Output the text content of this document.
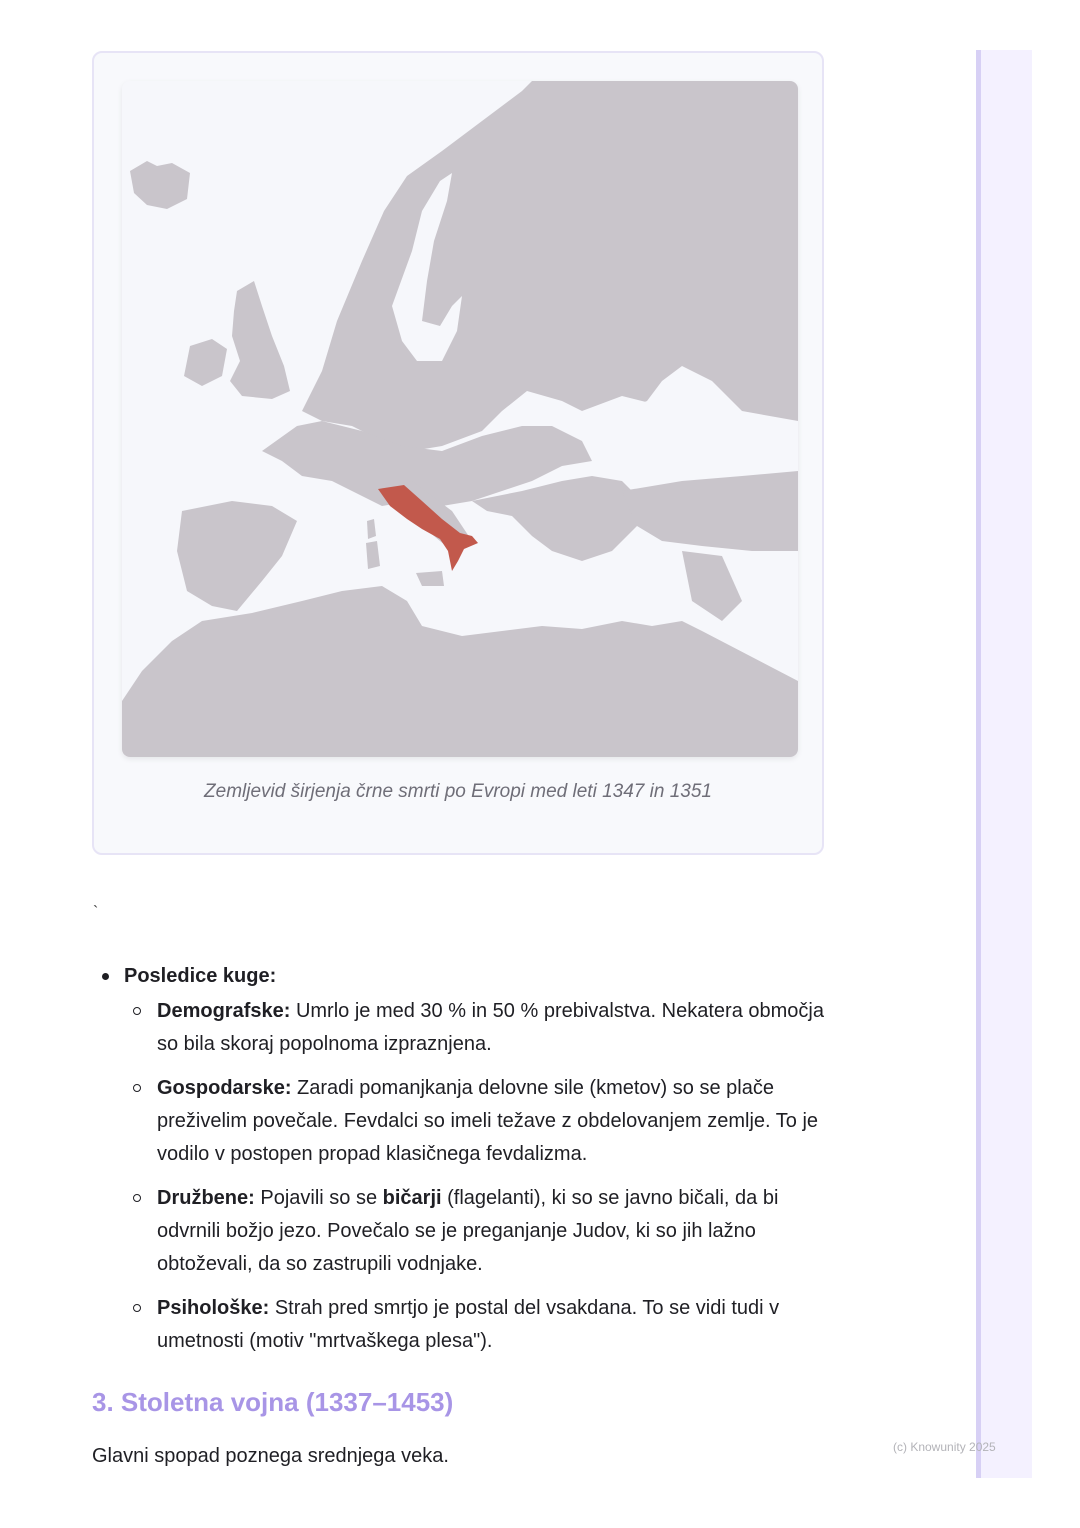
Zemljevid širjenja črne smrti po Evropi med leti 1347 in 1351
`
Posledice kuge:
Demografske: Umrlo je med 30 % in 50 % prebivalstva. Nekatera območja so bila skoraj popolnoma izpraznjena.
Gospodarske: Zaradi pomanjkanja delovne sile (kmetov) so se plače preživelim povečale. Fevdalci so imeli težave z obdelovanjem zemlje. To je vodilo v postopen propad klasičnega fevdalizma.
Družbene: Pojavili so se bičarji (flagelanti), ki so se javno bičali, da bi odvrnili božjo jezo. Povečalo se je preganjanje Judov, ki so jih lažno obtoževali, da so zastrupili vodnjake.
Psihološke: Strah pred smrtjo je postal del vsakdana. To se vidi tudi v umetnosti (motiv "mrtvaškega plesa").
3. Stoletna vojna (1337–1453)
Glavni spopad poznega srednjega veka.	(c) Knowunity 2025
